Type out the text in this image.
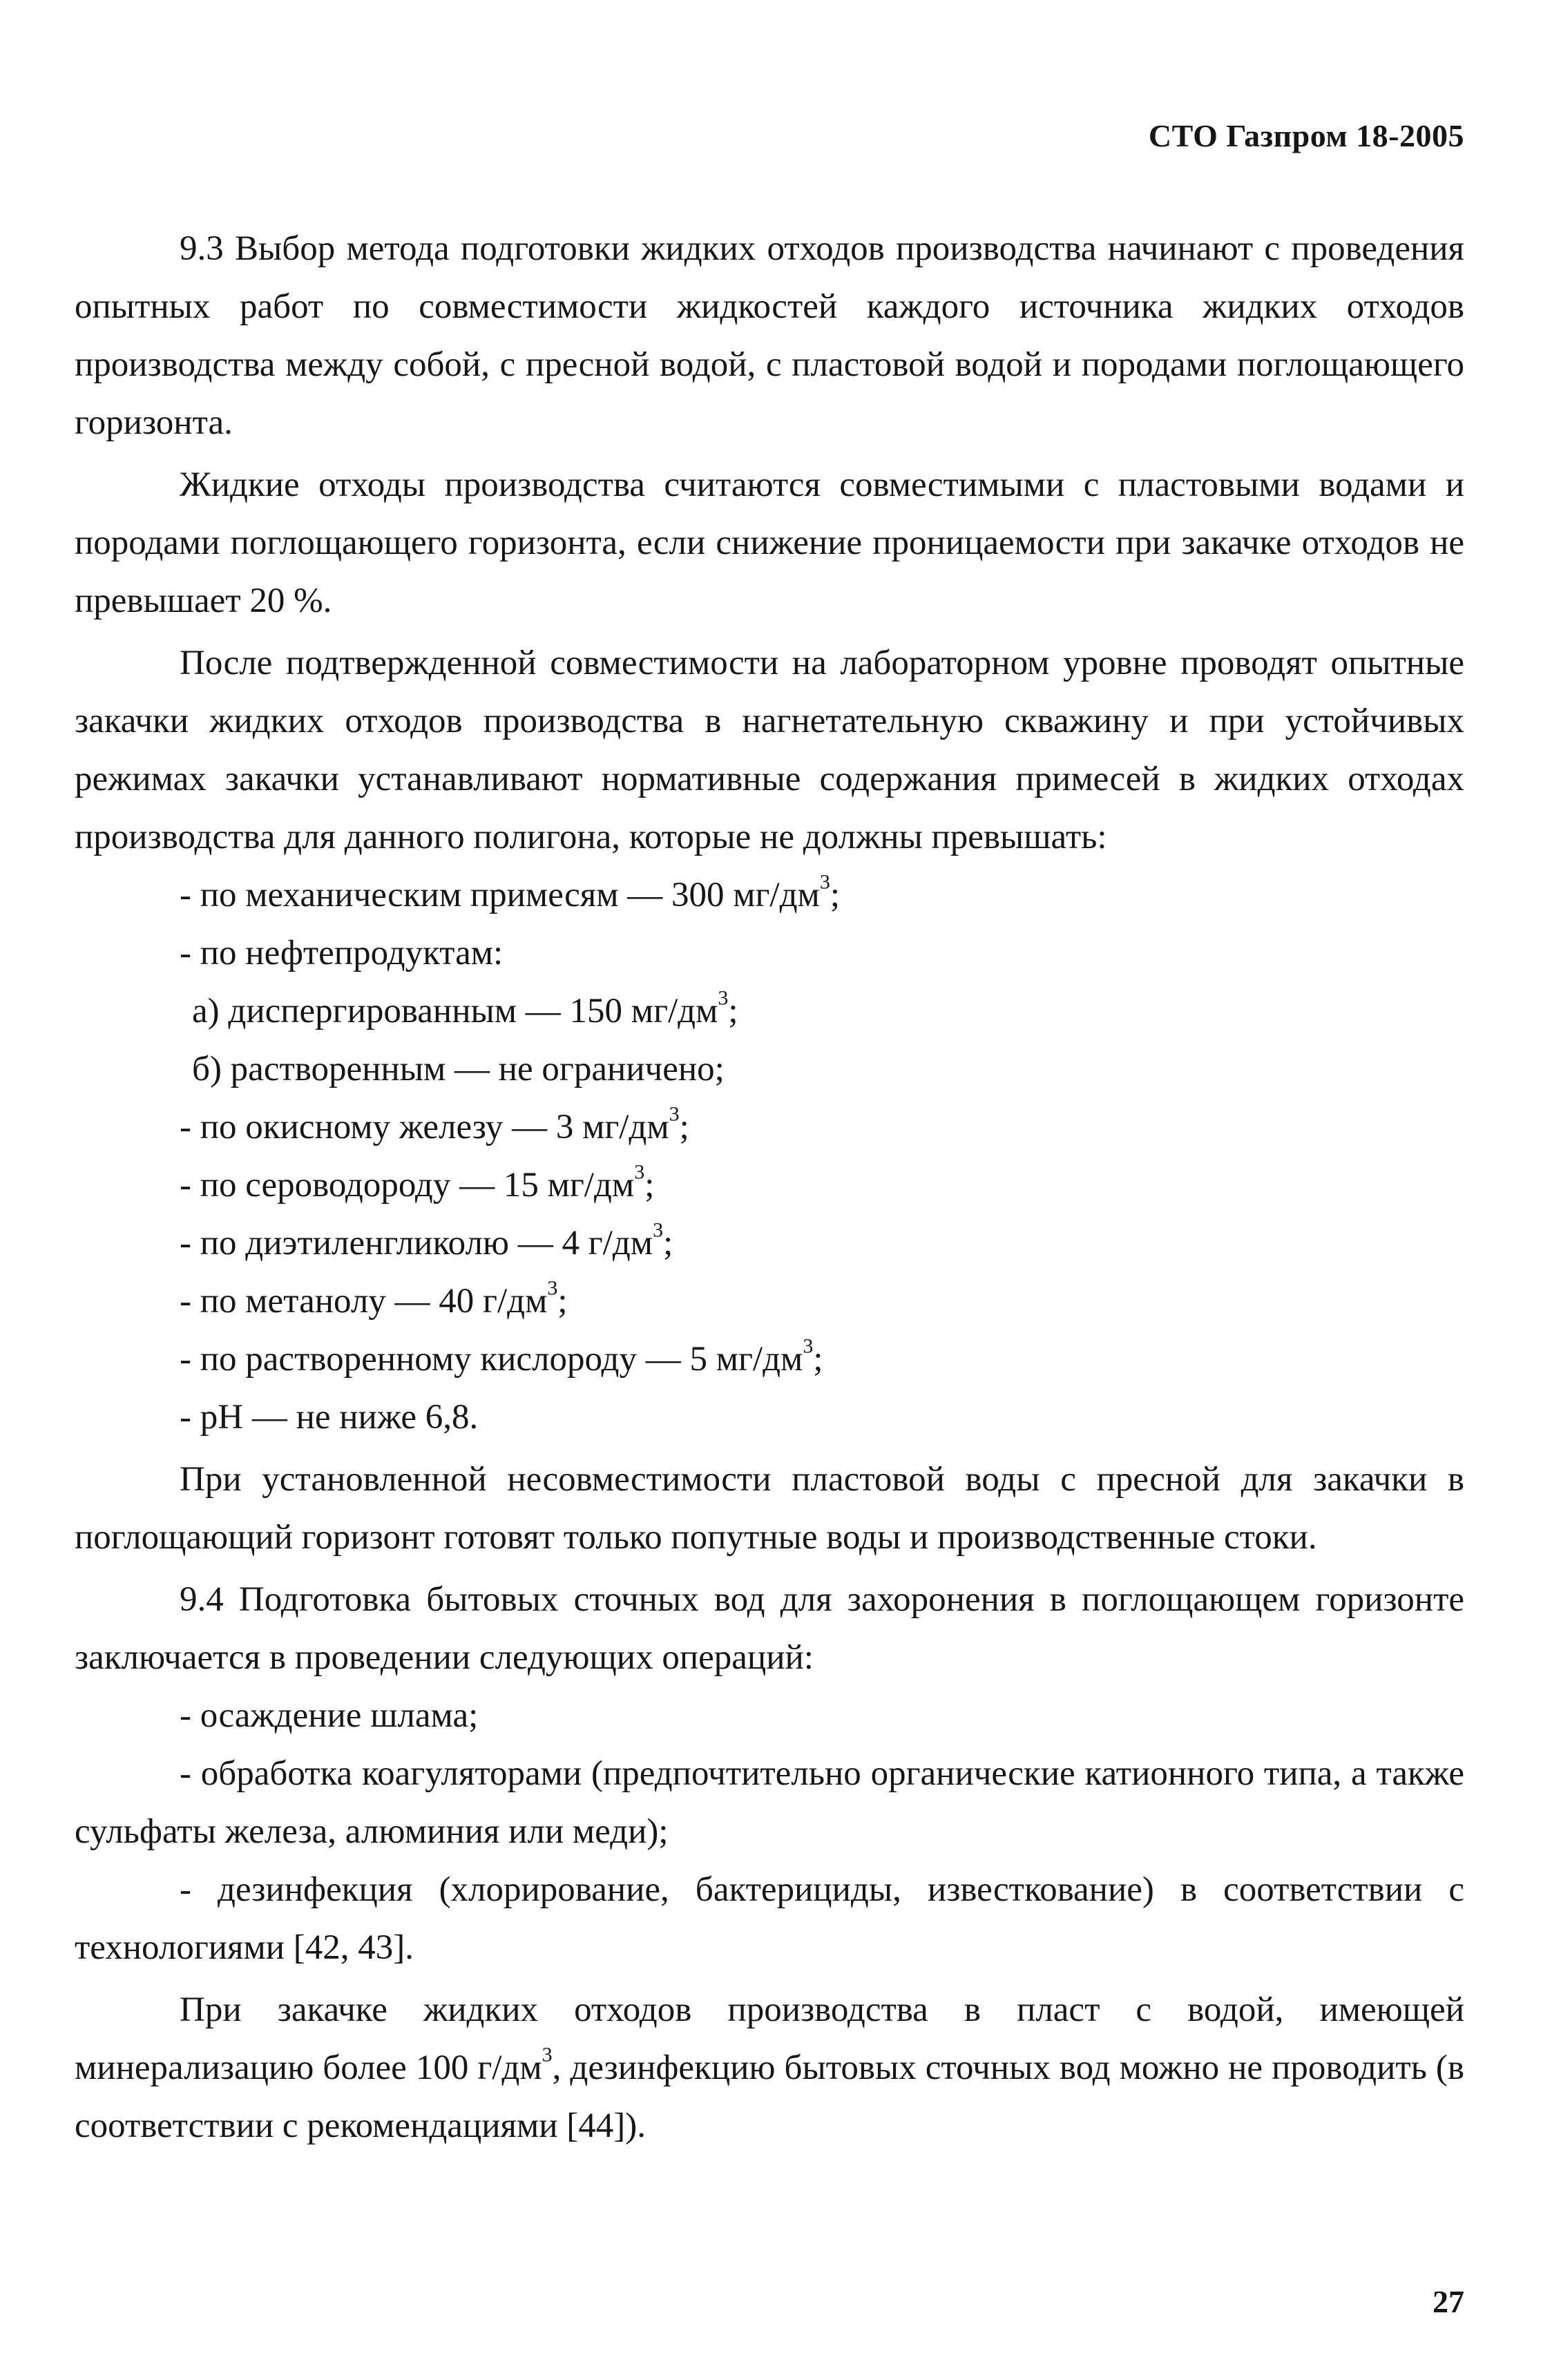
СТО Газпром 18-2005

9.3 Выбор метода подготовки жидких отходов производства начинают с проведения опытных работ по совместимости жидкостей каждого источника жидких отходов производства между собой, с пресной водой, с пластовой водой и породами поглощающего горизонта.

Жидкие отходы производства считаются совместимыми с пластовыми водами и породами поглощающего горизонта, если снижение проницаемости при закачке отходов не превышает 20 %.

После подтвержденной совместимости на лабораторном уровне проводят опытные закачки жидких отходов производства в нагнетательную скважину и при устойчивых режимах закачки устанавливают нормативные содержания примесей в жидких отходах производства для данного полигона, которые не должны превышать:

- по механическим примесям — 300 $мг/дм^3$;

- по нефтепродуктам:

а) диспергированным — 150 $мг/дм^3$;

б) растворенным — не ограничено;

- по окисному железу — 3 $мг/дм^3$;

- по сероводороду — 15 $мг/дм^3$;

- по диэтиленгликолю — 4 $г/дм^3$;

- по метанолу — 40 $г/дм^3$;

- по растворенному кислороду — 5 $мг/дм^3$;

- pH — не ниже 6,8.

При установленной несовместимости пластовой воды с пресной для закачки в поглощающий горизонт готовят только попутные воды и производственные стоки.

9.4 Подготовка бытовых сточных вод для захоронения в поглощающем горизонте заключается в проведении следующих операций:

- осаждение шлама;

- обработка коагуляторами (предпочтительно органические катионного типа, а также сульфаты железа, алюминия или меди);

- дезинфекция (хлорирование, бактерициды, известкование) в соответствии с технологиями [42, 43].

При закачке жидких отходов производства в пласт с водой, имеющей минерализацию более 100 $г/дм^3$, дезинфекцию бытовых сточных вод можно не проводить (в соответствии с рекомендациями [44]).

27
